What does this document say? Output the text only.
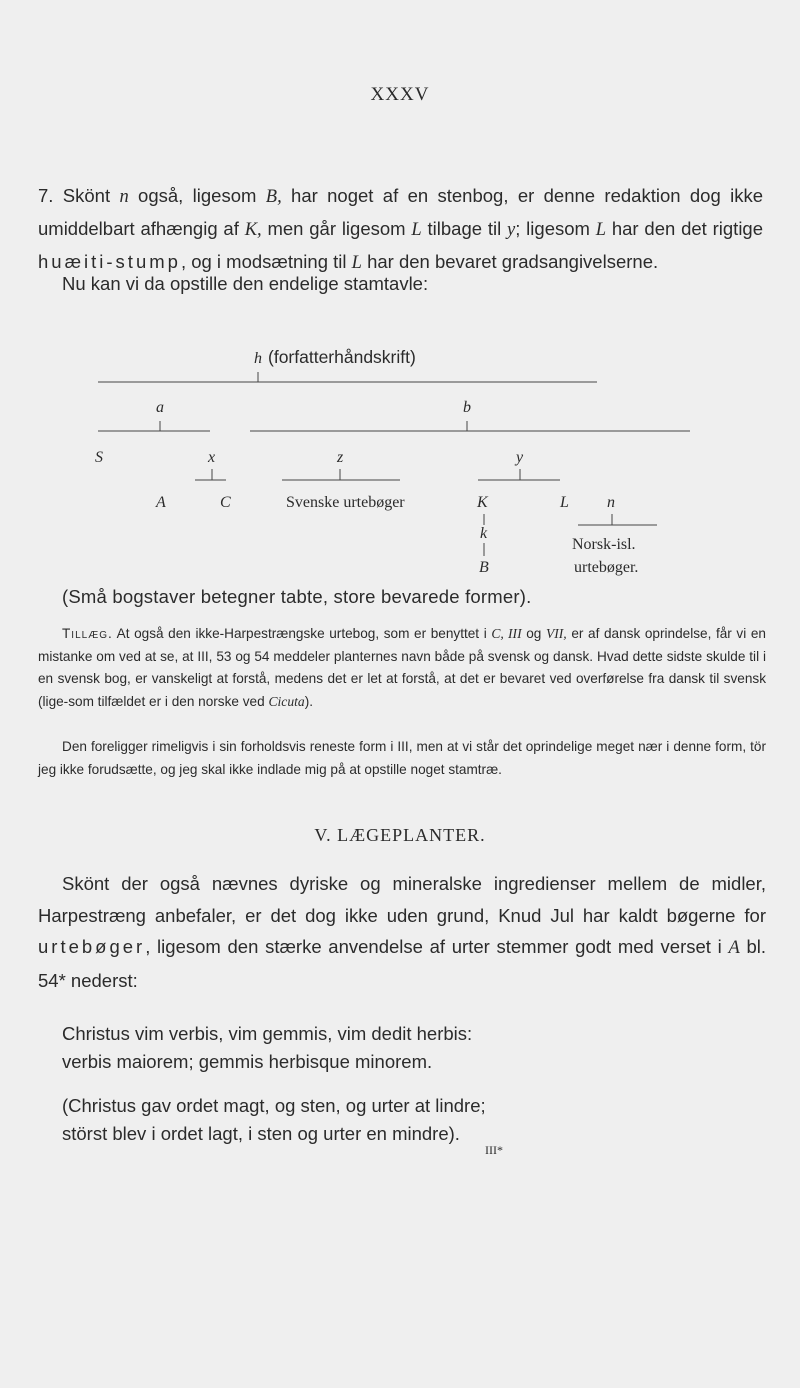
XXXV
7. Skönt n også, ligesom B, har noget af en stenbog, er denne redaktion dog ikke umiddelbart afhængig af K, men går ligesom L tilbage til y; ligesom L har den det rigtige huæiti-stump, og i modsætning til L har den bevaret gradsangivelserne.
Nu kan vi da opstille den endelige stamtavle:
h
a	b
S	x	z	y
A	C	K	L n
k
B
(forfatterhåndskrift)
Svenske urtebøger
Norsk-isl.
urtebøger.
(Små bogstaver betegner tabte, store bevarede former).
Tillæg. At også den ikke-Harpestrængske urtebog, som er benyttet i C, III og VII, er af dansk oprindelse, får vi en mistanke om ved at se, at III, 53 og 54 meddeler planternes navn både på svensk og dansk. Hvad dette sidste skulde til i en svensk bog, er vanskeligt at forstå, medens det er let at forstå, at det er bevaret ved overførelse fra dansk til svensk (lige-som tilfældet er i den norske ved Cicuta).
Den foreligger rimeligvis i sin forholdsvis reneste form i III, men at vi står det oprindelige meget nær i denne form, tör jeg ikke forudsætte, og jeg skal ikke indlade mig på at opstille noget stamtræ.
V. LÆGEPLANTER.
Skönt der også nævnes dyriske og mineralske ingredienser mellem de midler, Harpestræng anbefaler, er det dog ikke uden grund, Knud Jul har kaldt bøgerne for urtebøger, ligesom den stærke anvendelse af urter stemmer godt med verset i A bl. 54* nederst:
Christus vim verbis, vim gemmis, vim dedit herbis:
verbis maiorem; gemmis herbisque minorem.
(Christus gav ordet magt, og sten, og urter at lindre;
störst blev i ordet lagt, i sten og urter en mindre).
III*
